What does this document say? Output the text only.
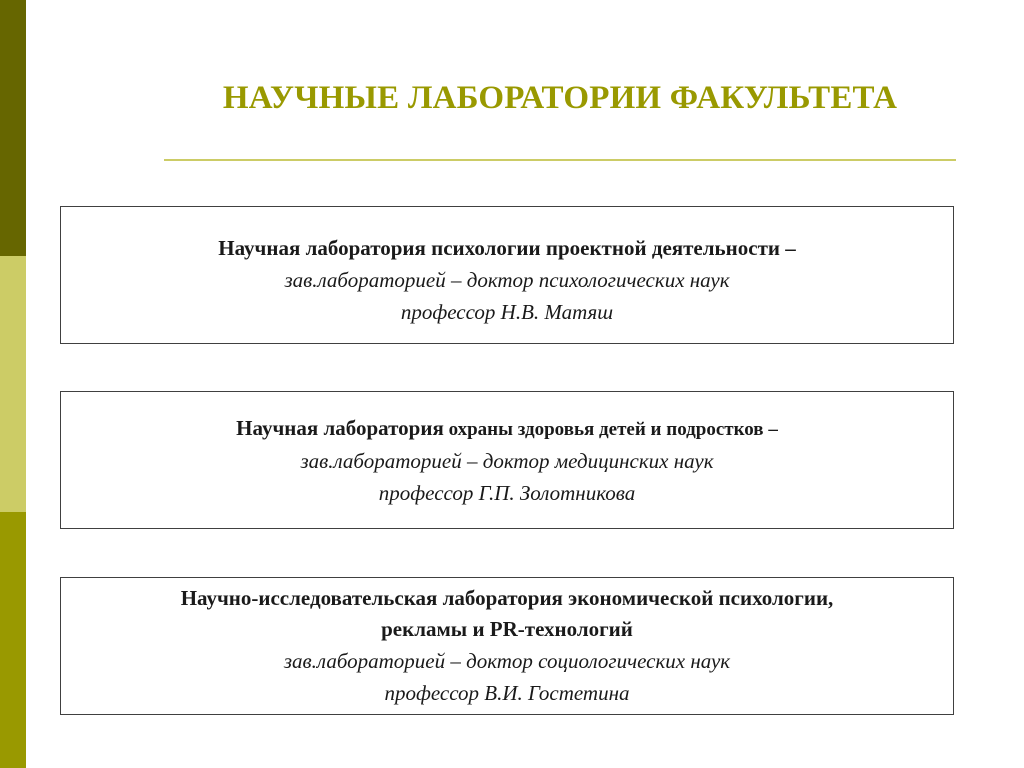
НАУЧНЫЕ ЛАБОРАТОРИИ ФАКУЛЬТЕТА
Научная лаборатория психологии проектной деятельности –
зав.лабораторией – доктор психологических наук
профессор Н.В. Матяш
Научная лаборатория охраны здоровья детей и подростков –
зав.лабораторией – доктор медицинских наук
профессор Г.П. Золотникова
Научно-исследовательская лаборатория экономической психологии,
рекламы и PR-технологий
зав.лабораторией – доктор социологических наук
профессор В.И. Гостетина
